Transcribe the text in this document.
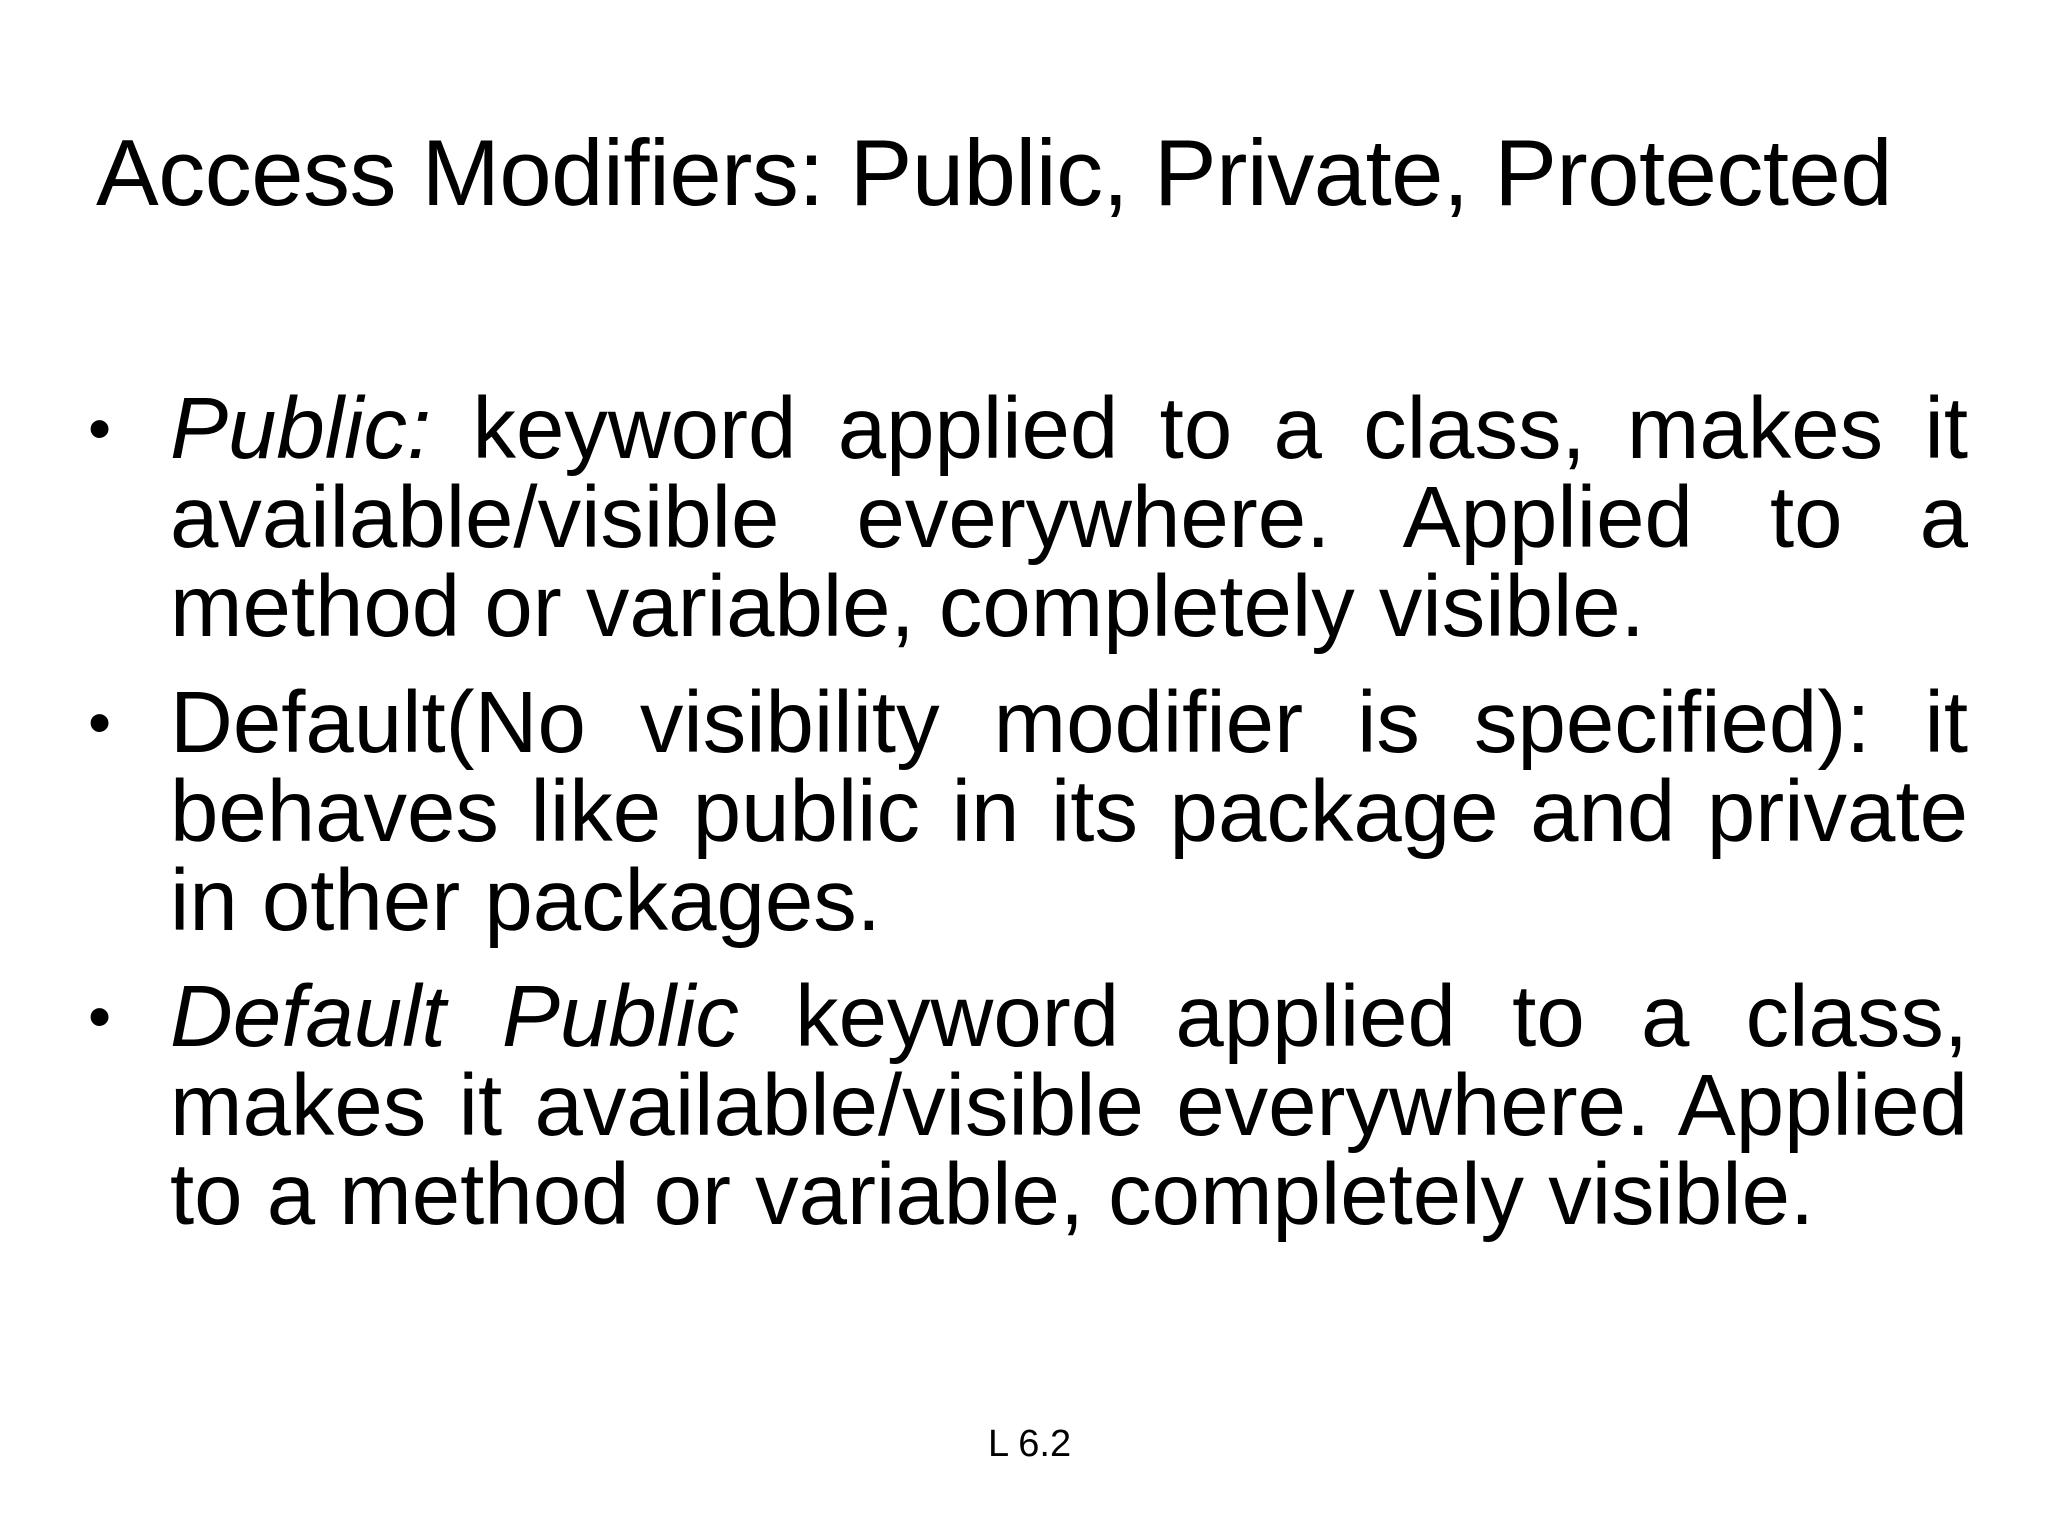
Access Modifiers: Public, Private, Protected
• Public: keyword applied to a class, makes it available/visible everywhere. Applied to a method or variable, completely visible.
• Default(No visibility modifier is specified): it behaves like public in its package and private in other packages.
• Default Public keyword applied to a class, makes it available/visible everywhere. Applied to a method or variable, completely visible.
L 6.2
